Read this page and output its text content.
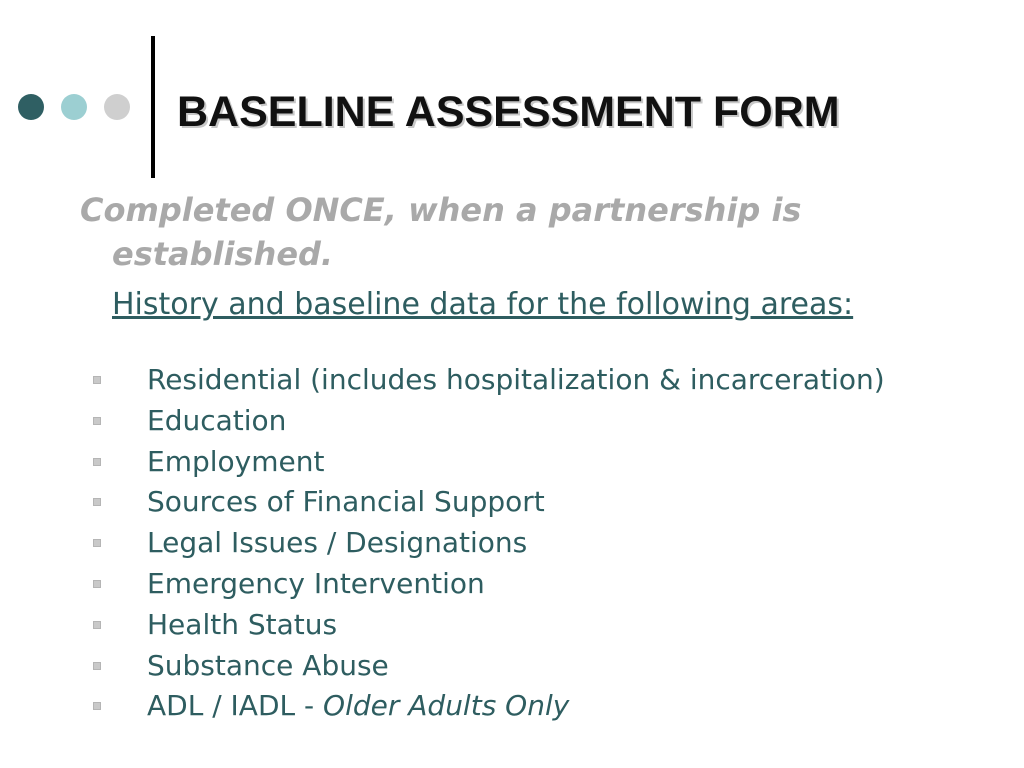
BASELINE ASSESSMENT FORM
Completed ONCE, when a partnership is established.
History and baseline data for the following areas:
Residential (includes hospitalization & incarceration)
Education
Employment
Sources of Financial Support
Legal Issues / Designations
Emergency Intervention
Health Status
Substance Abuse
ADL / IADL - Older Adults Only
